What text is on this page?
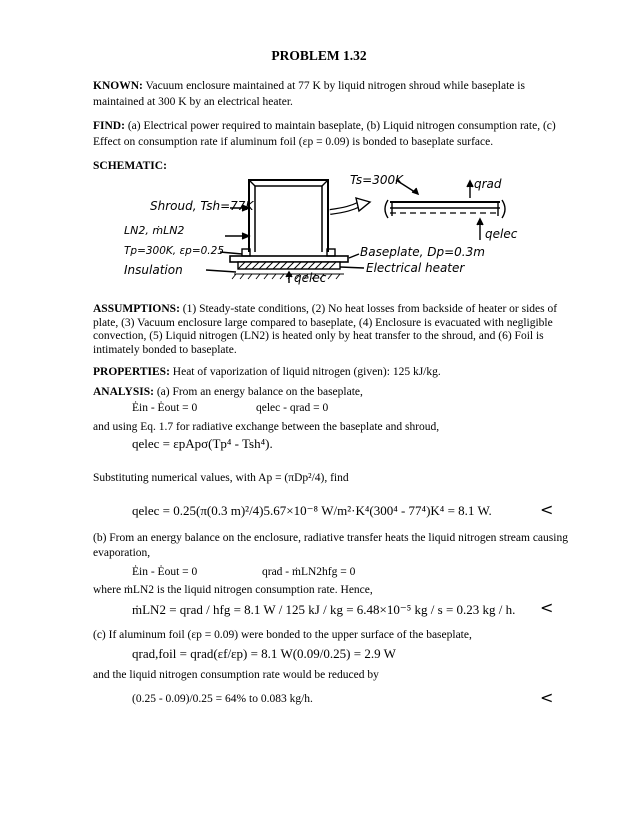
PROBLEM 1.32
KNOWN: Vacuum enclosure maintained at 77 K by liquid nitrogen shroud while baseplate is maintained at 300 K by an electrical heater.
FIND: (a) Electrical power required to maintain baseplate, (b) Liquid nitrogen consumption rate, (c) Effect on consumption rate if aluminum foil (εp = 0.09) is bonded to baseplate surface.
SCHEMATIC:
Shroud, Tsh=77K
LN2, ṁLN2
Tp=300K, εp=0.25
Insulation
qelec
Ts=300K	qrad
qelec
Baseplate, Dp=0.3m
Electrical heater
ASSUMPTIONS: (1) Steady-state conditions, (2) No heat losses from backside of heater or sides of plate, (3) Vacuum enclosure large compared to baseplate, (4) Enclosure is evacuated with negligible convection, (5) Liquid nitrogen (LN2) is heated only by heat transfer to the shroud, and (6) Foil is intimately bonded to baseplate.
PROPERTIES: Heat of vaporization of liquid nitrogen (given): 125 kJ/kg.
ANALYSIS: (a) From an energy balance on the baseplate,
Ėin - Ėout = 0	qelec - qrad = 0
and using Eq. 1.7 for radiative exchange between the baseplate and shroud,
qelec = εpApσ(Tp⁴ - Tsh⁴).
Substituting numerical values, with Ap = (πDp²/4), find
qelec = 0.25(π(0.3 m)²/4)5.67×10⁻⁸ W/m²·K⁴(300⁴ - 77⁴)K⁴ = 8.1 W.	<
(b) From an energy balance on the enclosure, radiative transfer heats the liquid nitrogen stream causing evaporation,
Ėin - Ėout = 0	qrad - ṁLN2hfg = 0
where ṁLN2 is the liquid nitrogen consumption rate. Hence,
ṁLN2 = qrad / hfg = 8.1 W / 125 kJ / kg = 6.48×10⁻⁵ kg / s = 0.23 kg / h.	<
(c) If aluminum foil (εp = 0.09) were bonded to the upper surface of the baseplate,
qrad,foil = qrad(εf/εp) = 8.1 W(0.09/0.25) = 2.9 W
and the liquid nitrogen consumption rate would be reduced by
(0.25 - 0.09)/0.25 = 64% to 0.083 kg/h.	<
